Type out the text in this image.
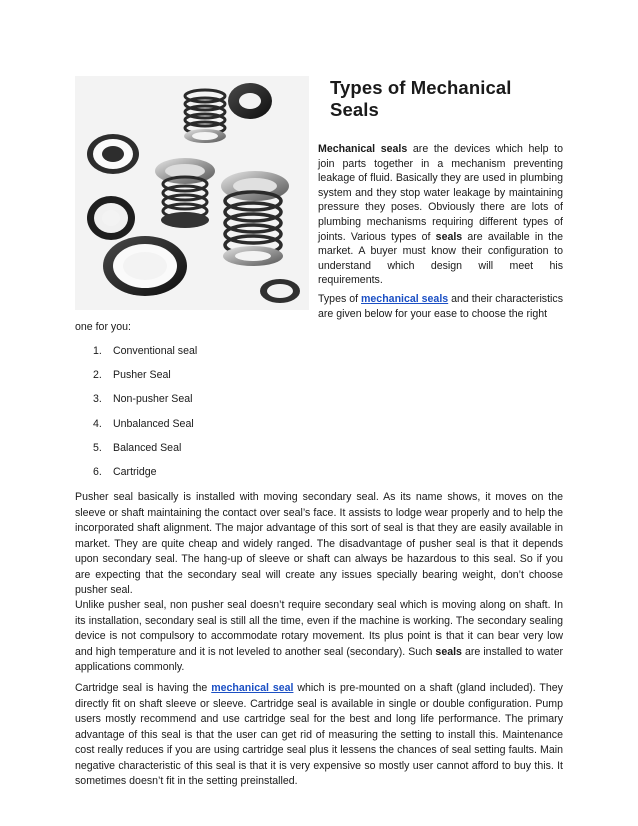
Types of Mechanical Seals

Mechanical seals are the devices which help to join parts together in a mechanism preventing leakage of fluid. Basically they are used in plumbing system and they stop water leakage by maintaining pressure they poses. Obviously there are lots of plumbing mechanisms requiring different types of joints. Various types of seals are available in the market. A buyer must know their configuration to understand which design will meet his requirements.

Types of mechanical seals and their characteristics are given below for your ease to choose the right

one for you:

1.	Conventional seal
2.	Pusher Seal
3.	Non-pusher Seal
4.	Unbalanced Seal
5.	Balanced Seal
6.	Cartridge

Pusher seal basically is installed with moving secondary seal. As its name shows, it moves on the sleeve or shaft maintaining the contact over seal’s face. It assists to lodge wear properly and to help the incorporated shaft alignment. The major advantage of this sort of seal is that they are easily available in market. They are quite cheap and widely ranged. The disadvantage of pusher seal is that it depends upon secondary seal. The hang-up of sleeve or shaft can always be hazardous to this seal. So if you are expecting that the secondary seal will create any issues specially bearing weight, don’t choose pusher seal.

Unlike pusher seal, non pusher seal doesn’t require secondary seal which is moving along on shaft. In its installation, secondary seal is still all the time, even if the machine is working. The secondary sealing device is not compulsory to accommodate rotary movement. Its plus point is that it can bear very low and high temperature and it is not leveled to another seal (secondary). Such seals are installed to water applications commonly.

Cartridge seal is having the mechanical seal which is pre-mounted on a shaft (gland included). They directly fit on shaft sleeve or sleeve. Cartridge seal is available in single or double configuration. Pump users mostly recommend and use cartridge seal for the best and long life performance. The primary advantage of this seal is that the user can get rid of measuring the setting to install this. Maintenance cost really reduces if you are using cartridge seal plus it lessens the chances of seal setting faults. Main negative characteristic of this seal is that it is very expensive so mostly user cannot afford to buy this. It sometimes doesn’t fit in the setting preinstalled.
